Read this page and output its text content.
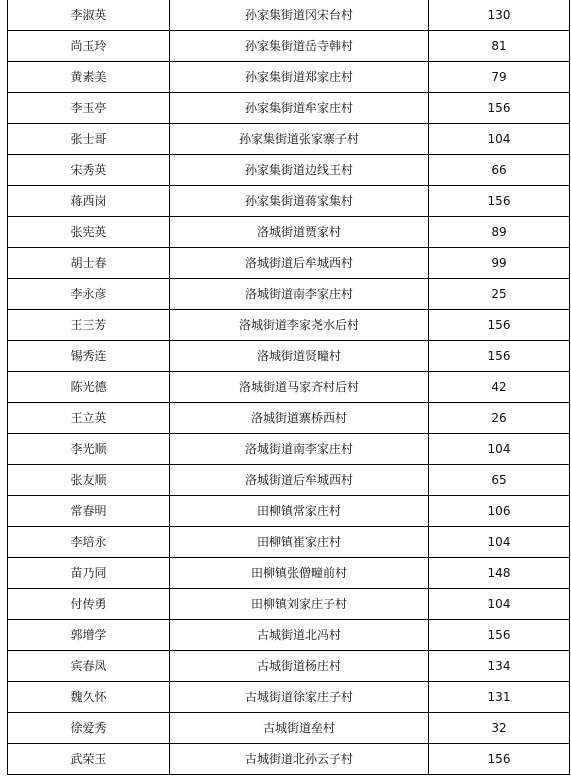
李淑英	孙家集街道冈宋台村	130
尚玉玲	孙家集街道岳寺韩村	81
黄素美	孙家集街道郑家庄村	79
李玉亭	孙家集街道牟家庄村	156
张士哥	孙家集街道张家寨子村	104
宋秀英	孙家集街道边线王村	66
蒋西岗	孙家集街道蒋家集村	156
张宪英	洛城街道贾家村	89
胡士春	洛城街道后牟城西村	99
李永彦	洛城街道南李家庄村	25
王三芳	洛城街道李家尧水后村	156
锡秀连	洛城街道贤疃村	156
陈光德	洛城街道马家齐村后村	42
王立英	洛城街道寨桥西村	26
李光顺	洛城街道南李家庄村	104
张友顺	洛城街道后牟城西村	65
常春明	田柳镇常家庄村	106
李培永	田柳镇崔家庄村	104
苗乃同	田柳镇张僧疃前村	148
付传勇	田柳镇刘家庄子村	104
郭增学	古城街道北冯村	156
宾春凤	古城街道杨庄村	134
魏久怀	古城街道徐家庄子村	131
徐爱秀	古城街道垒村	32
武荣玉	古城街道北孙云子村	156
